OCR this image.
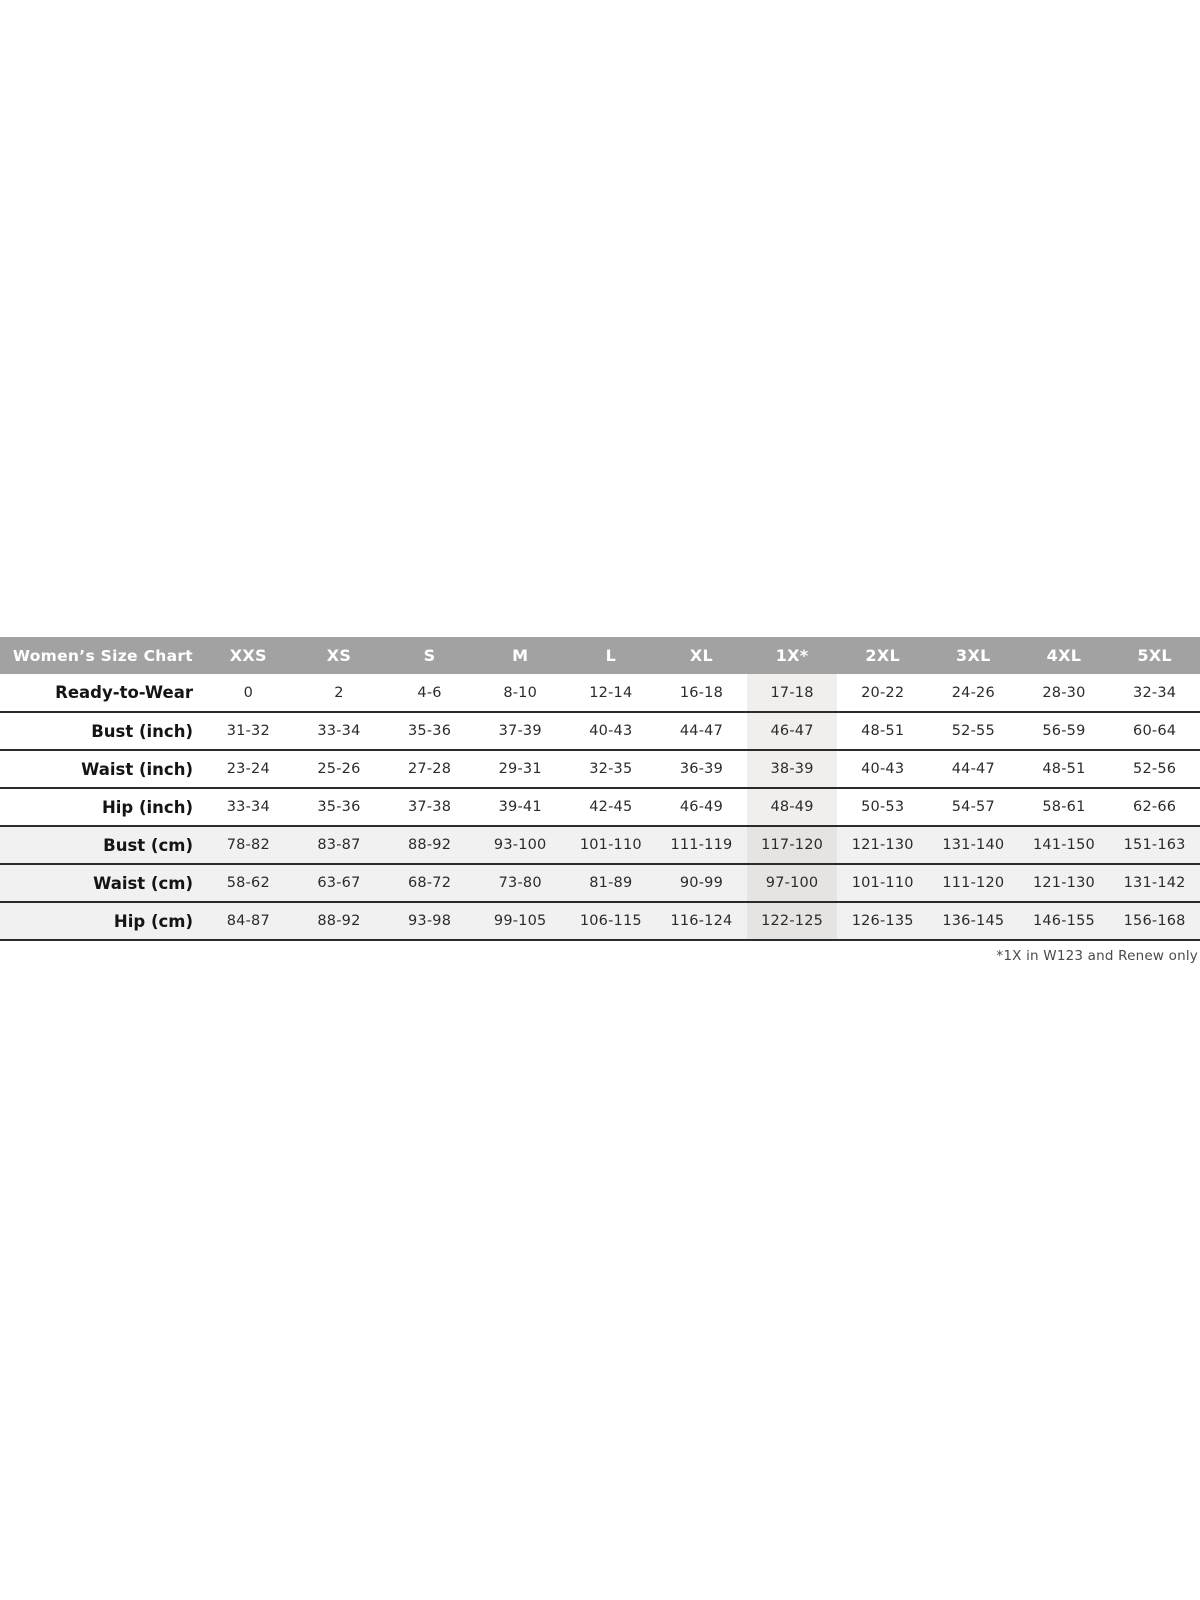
Women’s Size Chart	XXS	XS	S	M	L	XL	1X*	2XL	3XL	4XL	5XL
Ready-to-Wear	0	2	4-6	8-10	12-14	16-18	17-18	20-22	24-26	28-30	32-34
Bust (inch)	31-32	33-34	35-36	37-39	40-43	44-47	46-47	48-51	52-55	56-59	60-64
Waist (inch)	23-24	25-26	27-28	29-31	32-35	36-39	38-39	40-43	44-47	48-51	52-56
Hip (inch)	33-34	35-36	37-38	39-41	42-45	46-49	48-49	50-53	54-57	58-61	62-66
Bust (cm)	78-82	83-87	88-92	93-100	101-110	111-119	117-120	121-130	131-140	141-150	151-163
Waist (cm)	58-62	63-67	68-72	73-80	81-89	90-99	97-100	101-110	111-120	121-130	131-142
Hip (cm)	84-87	88-92	93-98	99-105	106-115	116-124	122-125	126-135	136-145	146-155	156-168
*1X in W123 and Renew only
